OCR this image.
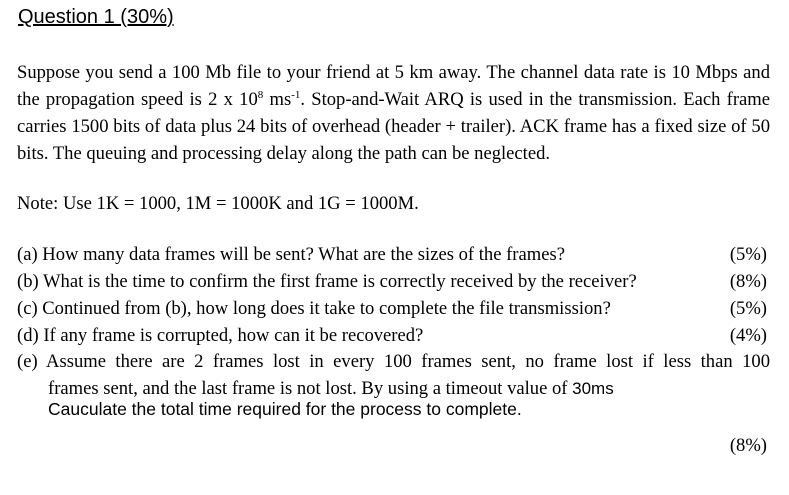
Question 1 (30%)

Suppose you send a 100 Mb file to your friend at 5 km away. The channel data rate is 10 Mbps and the propagation speed is 2 x $10^8$ $ms^{-1}$. Stop-and-Wait ARQ is used in the transmission. Each frame carries 1500 bits of data plus 24 bits of overhead (header + trailer). ACK frame has a fixed size of 50 bits. The queuing and processing delay along the path can be neglected.

Note: Use 1K = 1000, 1M = 1000K and 1G = 1000M.

(a) How many data frames will be sent? What are the sizes of the frames?	(5%)
(b) What is the time to confirm the first frame is correctly received by the receiver?	(8%)
(c) Continued from (b), how long does it take to complete the file transmission?	(5%)
(d) If any frame is corrupted, how can it be recovered?	(4%)
(e) Assume there are 2 frames lost in every 100 frames sent, no frame lost if less than 100
frames sent, and the last frame is not lost. By using a timeout value of 30ms
Cauculate the total time required for the process to complete.
(8%)
